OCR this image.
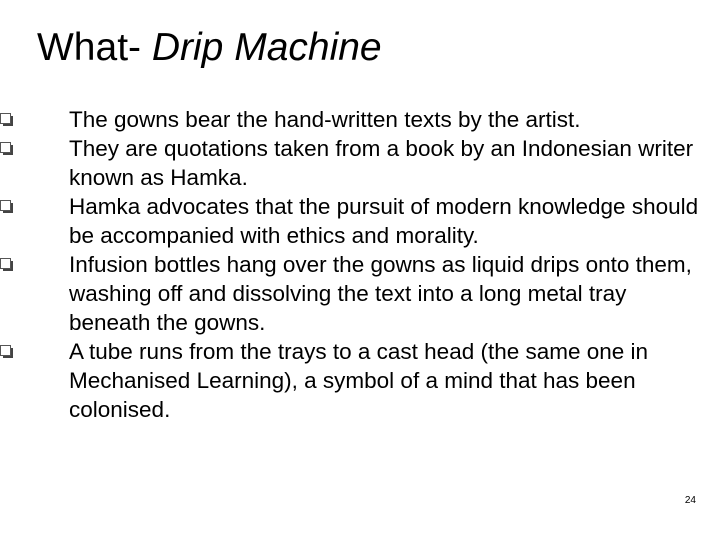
What- Drip Machine
The gowns bear the hand-written texts by the artist.
They are quotations taken from a book by an Indonesian writer known as Hamka.
Hamka advocates that the pursuit of modern knowledge should be accompanied with ethics and morality.
Infusion bottles hang over the gowns as liquid drips onto them, washing off and dissolving the text into a long metal tray beneath the gowns.
A tube runs from the trays to a cast head (the same one in Mechanised Learning), a symbol of a mind that has been colonised.
24
